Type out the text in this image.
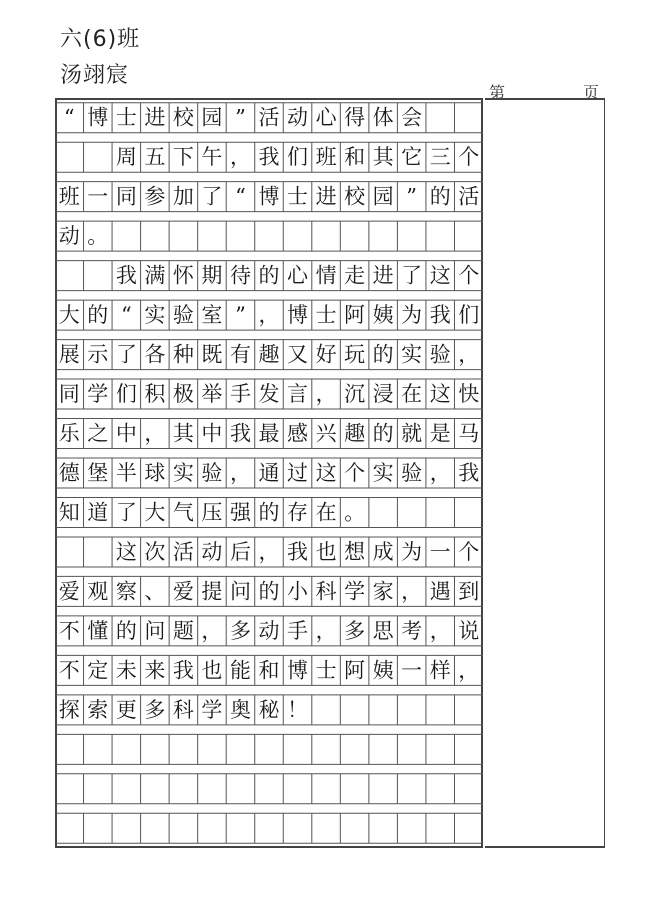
六(6)班
汤翊宸
第	页
“ 博 士 进 校 园 ” 活 动 心 得 体 会
周 五 下 午 ， 我 们 班 和 其 它 三 个
班 一 同 参 加 了 “ 博 士 进 校 园 ” 的 活
动 。
我 满 怀 期 待 的 心 情 走 进 了 这 个
大 的 “ 实 验 室 ” ， 博 士 阿 姨 为 我 们
展 示 了 各 种 既 有 趣 又 好 玩 的 实 验 ，
同 学 们 积 极 举 手 发 言 ， 沉 浸 在 这 快
乐 之 中 ， 其 中 我 最 感 兴 趣 的 就 是 马
德 堡 半 球 实 验 ， 通 过 这 个 实 验 ， 我
知 道 了 大 气 压 强 的 存 在 。
这 次 活 动 后 ， 我 也 想 成 为 一 个
爱 观 察 、 爱 提 问 的 小 科 学 家 ， 遇 到
不 懂 的 问 题 ， 多 动 手 ， 多 思 考 ， 说
不 定 未 来 我 也 能 和 博 士 阿 姨 一 样 ，
探 索 更 多 科 学 奥 秘 ！
